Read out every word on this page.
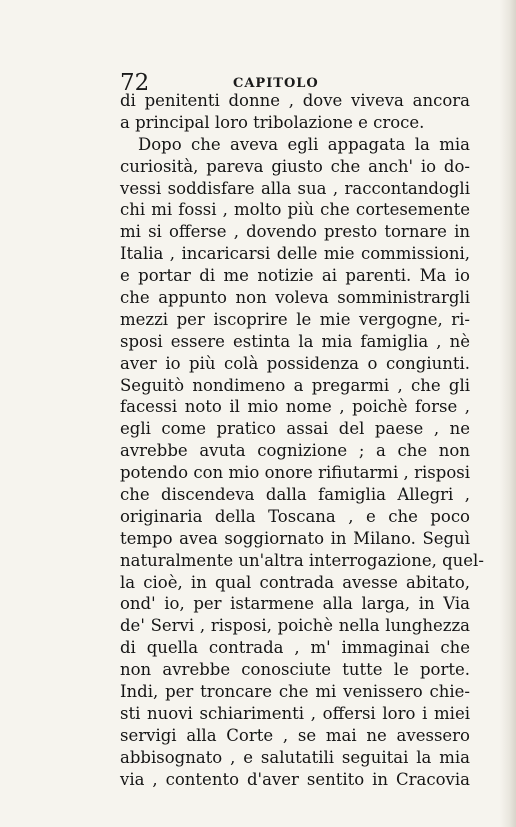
72	CAPITOLO
di penitenti donne , dove viveva ancora
a principal loro tribolazione e croce.
Dopo che aveva egli appagata la mia
curiosità, pareva giusto che anch' io do-
vessi soddisfare alla sua , raccontandogli
chi mi fossi , molto più che cortesemente
mi si offerse , dovendo presto tornare in
Italia , incaricarsi delle mie commissioni,
e portar di me notizie ai parenti. Ma io
che appunto non voleva somministrargli
mezzi per iscoprire le mie vergogne, ri-
sposi essere estinta la mia famiglia , nè
aver io più colà possidenza o congiunti.
Seguitò nondimeno a pregarmi , che gli
facessi noto il mio nome , poichè forse ,
egli come pratico assai del paese , ne
avrebbe avuta cognizione ; a che non
potendo con mio onore rifiutarmi , risposi
che discendeva dalla famiglia Allegri ,
originaria della Toscana , e che poco
tempo avea soggiornato in Milano. Seguì
naturalmente un'altra interrogazione, quel-
la cioè, in qual contrada avesse abitato,
ond' io, per istarmene alla larga, in Via
de' Servi , risposi, poichè nella lunghezza
di quella contrada , m' immaginai che
non avrebbe conosciute tutte le porte.
Indi, per troncare che mi venissero chie-
sti nuovi schiarimenti , offersi loro i miei
servigi alla Corte , se mai ne avessero
abbisognato , e salutatili seguitai la mia
via , contento d'aver sentito in Cracovia
